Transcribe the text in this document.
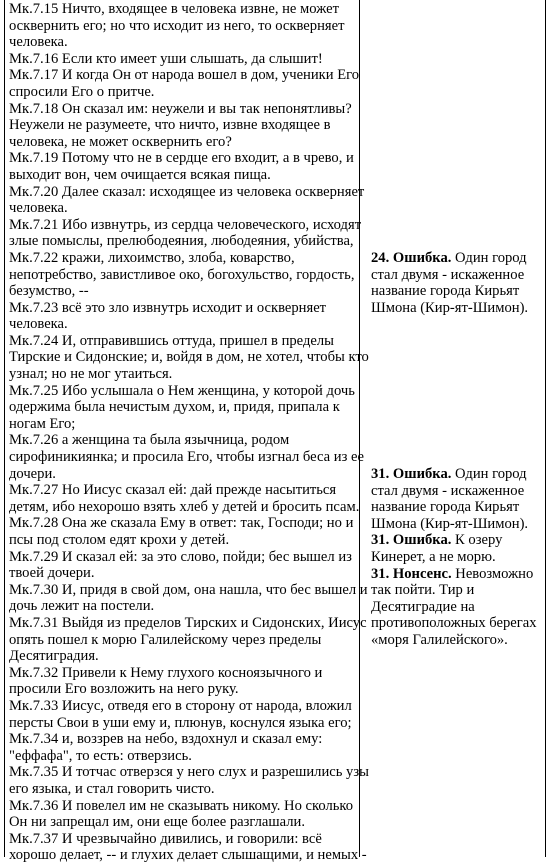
Мк.7.15 Ничто, входящее в человека извне, не может
осквернить его; но что исходит из него, то оскверняет
человека.
Мк.7.16 Если кто имеет уши слышать, да слышит!
Мк.7.17 И когда Он от народа вошел в дом, ученики Его
спросили Его о притче.
Мк.7.18 Он сказал им: неужели и вы так непонятливы?
Неужели не разумеете, что ничто, извне входящее в
человека, не может осквернить его?
Мк.7.19 Потому что не в сердце его входит, а в чрево, и
выходит вон, чем очищается всякая пища.
Мк.7.20 Далее сказал: исходящее из человека оскверняет
человека.
Мк.7.21 Ибо извнутрь, из сердца человеческого, исходят
злые помыслы, прелюбодеяния, любодеяния, убийства,
Мк.7.22 кражи, лихоимство, злоба, коварство,
непотребство, завистливое око, богохульство, гордость,
безумство, --
Мк.7.23 всё это зло извнутрь исходит и оскверняет
человека.
Мк.7.24 И, отправившись оттуда, пришел в пределы
Тирские и Сидонские; и, войдя в дом, не хотел, чтобы кто
узнал; но не мог утаиться.
Мк.7.25 Ибо услышала о Нем женщина, у которой дочь
одержима была нечистым духом, и, придя, припала к
ногам Его;
Мк.7.26 а женщина та была язычница, родом
сирофиникиянка; и просила Его, чтобы изгнал беса из ее
дочери.
Мк.7.27 Но Иисус сказал ей: дай прежде насытиться
детям, ибо нехорошо взять хлеб у детей и бросить псам.
Мк.7.28 Она же сказала Ему в ответ: так, Господи; но и
псы под столом едят крохи у детей.
Мк.7.29 И сказал ей: за это слово, пойди; бес вышел из
твоей дочери.
Мк.7.30 И, придя в свой дом, она нашла, что бес вышел и
дочь лежит на постели.
Мк.7.31 Выйдя из пределов Тирских и Сидонских, Иисус
опять пошел к морю Галилейскому через пределы
Десятиградия.
Мк.7.32 Привели к Нему глухого косноязычного и
просили Его возложить на него руку.
Мк.7.33 Иисус, отведя его в сторону от народа, вложил
персты Свои в уши ему и, плюнув, коснулся языка его;
Мк.7.34 и, воззрев на небо, вздохнул и сказал ему:
"еффафа", то есть: отверзись.
Мк.7.35 И тотчас отверзся у него слух и разрешились узы
его языка, и стал говорить чисто.
Мк.7.36 И повелел им не сказывать никому. Но сколько
Он ни запрещал им, они еще более разглашали.
Мк.7.37 И чрезвычайно дивились, и говорили: всё
хорошо делает, -- и глухих делает слышащими, и немых -
24. Ошибка. Один город
стал двумя - искаженное
название города Кирьят
Шмона (Кир-ят-Шимон).
31. Ошибка. Один город
стал двумя - искаженное
название города Кирьят
Шмона (Кир-ят-Шимон).
31. Ошибка. К озеру
Кинерет, а не морю.
31. Нонсенс. Невозможно
так пойти. Тир и
Десятиградие на
противоположных берегах
«моря Галилейского».
